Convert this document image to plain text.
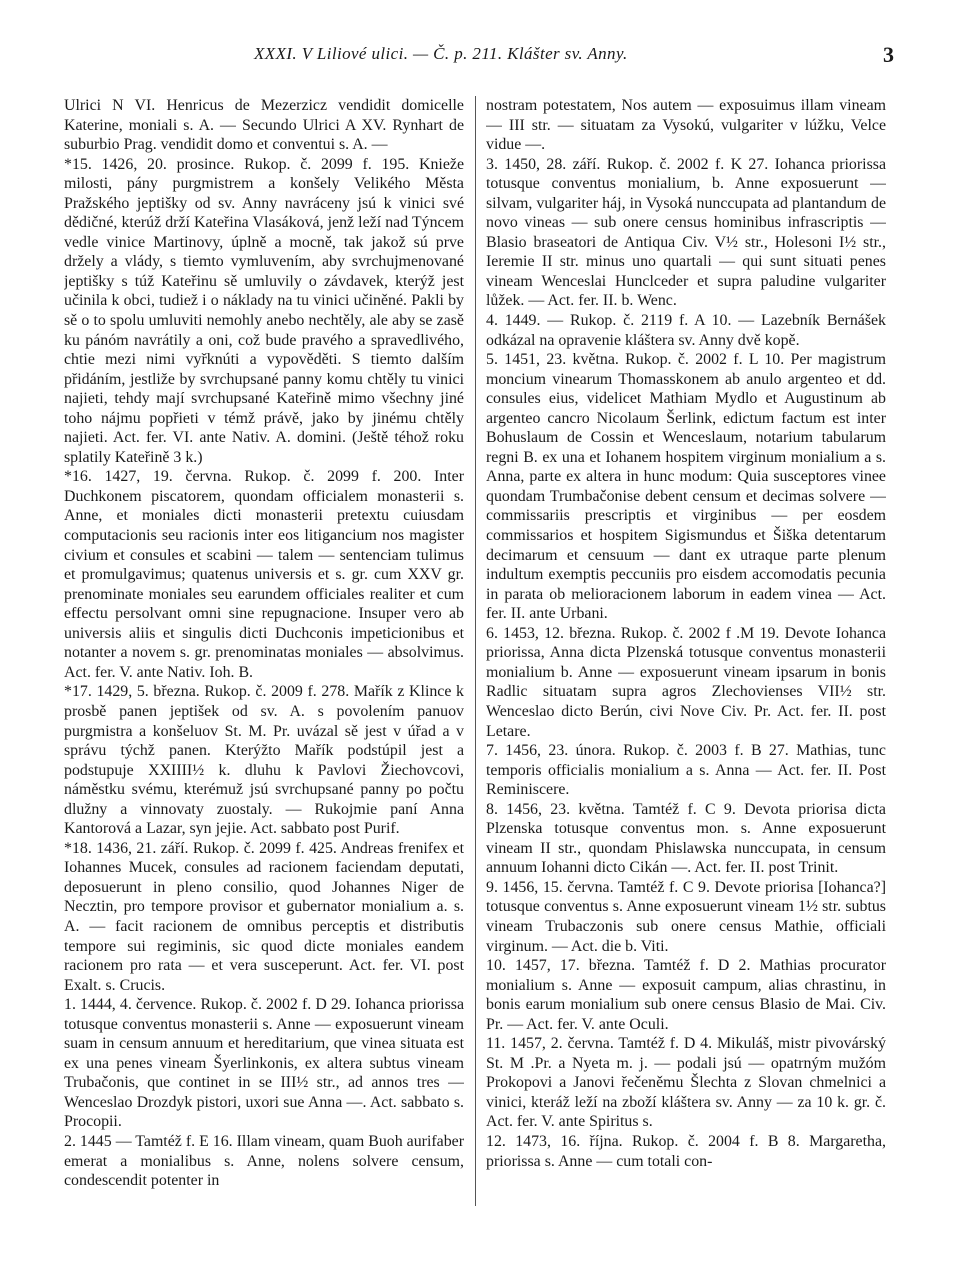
XXXI. V Liliové ulici. — Č. p. 211. Klášter sv. Anny.	3

Ulrici N VI. Henricus de Mezerzicz vendidit domicelle Katerine, moniali s. A. — Secundo Ulrici A XV. Rynhart de suburbio Prag. vendidit domo et conventui s. A. —

*15. 1426, 20. prosince. Rukop. č. 2099 f. 195. Knieže milosti, pány purgmistrem a konšely Velikého Města Pražského jeptišky od sv. Anny navráceny jsú k vinici své dědičné, kterúž drží Kateřina Vlasáková, jenž leží nad Týncem vedle vinice Martinovy, úplně a mocně, tak jakož sú prve držely a vlády, s tiemto vymluvením, aby svrchujmenované jeptišky s túž Kateřinu sě umluvily o závdavek, kterýž jest učinila k obci, tudiež i o náklady na tu vinici učiněné. Pakli by sě o to spolu umluviti nemohly anebo nechtěly, ale aby se zasě ku pánóm navrátily a oni, což bude pravého a spravedlivého, chtie mezi nimi vyřknúti a vypověděti. S tiemto dalším přidáním, jestliže by svrchupsané panny komu chtěly tu vinici najieti, tehdy mají svrchupsané Kateřině mimo všechny jiné toho nájmu popřieti v témž právě, jako by jinému chtěly najieti. Act. fer. VI. ante Nativ. A. domini. (Ještě téhož roku splatily Kateřině 3 k.)

*16. 1427, 19. června. Rukop. č. 2099 f. 200. Inter Duchkonem piscatorem, quondam officialem monasterii s. Anne, et moniales dicti monasterii pretextu cuiusdam computacionis seu racionis inter eos litigancium nos magister civium et consules et scabini — talem — sentenciam tulimus et promulgavimus; quatenus universis et s. gr. cum XXV gr. prenominate moniales seu earundem officiales realiter et cum effectu persolvant omni sine repugnacione. Insuper vero ab universis aliis et singulis dicti Duchconis impeticionibus et notanter a novem s. gr. prenominatas moniales — absolvimus. Act. fer. V. ante Nativ. Ioh. B.

*17. 1429, 5. března. Rukop. č. 2009 f. 278. Mařík z Klince k prosbě panen jeptišek od sv. A. s povolením panuov purgmistra a konšeluov St. M. Pr. uvázal sě jest v úřad a v správu týchž panen. Kterýžto Mařík podstúpil jest a podstupuje XXIIII½ k. dluhu k Pavlovi Žiechovcovi, náměstku svému, kterémuž jsú svrchupsané panny po počtu dlužny a vinnovaty zuostaly. — Rukojmie paní Anna Kantorová a Lazar, syn jejie. Act. sabbato post Purif.

*18. 1436, 21. září. Rukop. č. 2099 f. 425. Andreas frenifex et Iohannes Mucek, consules ad racionem faciendam deputati, deposuerunt in pleno consilio, quod Johannes Niger de Necztin, pro tempore provisor et gubernator monialium a. s. A. — facit racionem de omnibus perceptis et distributis tempore sui regiminis, sic quod dicte moniales eandem racionem pro rata — et vera susceperunt. Act. fer. VI. post Exalt. s. Crucis.

1. 1444, 4. července. Rukop. č. 2002 f. D 29. Iohanca priorissa totusque conventus monasterii s. Anne — exposuerunt vineam suam in censum annuum et hereditarium, que vinea situata est ex una penes vineam Šyerlinkonis, ex altera subtus vineam Trubačonis, que continet in se III½ str., ad annos tres — Wenceslao Drozdyk pistori, uxori sue Anna —. Act. sabbato s. Procopii.

2. 1445 — Tamtéž f. E 16. Illam vineam, quam Buoh aurifaber emerat a monialibus s. Anne, nolens solvere censum, condescendit potenter in

nostram potestatem, Nos autem — exposuimus illam vineam — III str. — situatam za Vysokú, vulgariter v lúžku, Velce vidue —.

3. 1450, 28. září. Rukop. č. 2002 f. K 27. Iohanca priorissa totusque conventus monialium, b. Anne exposuerunt — silvam, vulgariter háj, in Vysoká nunccupata ad plantandum de novo vineas — sub onere census hominibus infrascriptis — Blasio braseatori de Antiqua Civ. V½ str., Holesoni I½ str., Ieremie II str. minus uno quartali — qui sunt situati penes vineam Wenceslai Hunclceder et supra paludine vulgariter lůžek. — Act. fer. II. b. Wenc.

4. 1449. — Rukop. č. 2119 f. A 10. — Lazebník Bernášek odkázal na opravenie kláštera sv. Anny dvě kopě.

5. 1451, 23. května. Rukop. č. 2002 f. L 10. Per magistrum moncium vinearum Thomasskonem ab anulo argenteo et dd. consules eius, videlicet Mathiam Mydlo et Augustinum ab argenteo cancro Nicolaum Šerlink, edictum factum est inter Bohuslaum de Cossin et Wenceslaum, notarium tabularum regni B. ex una et Iohanem hospitem virginum monialium a s. Anna, parte ex altera in hunc modum: Quia susceptores vinee quondam Trumbačonise debent censum et decimas solvere — commissariis prescriptis et virginibus — per eosdem commissarios et hospitem Sigismundus et Šiška detentarum decimarum et censuum — dant ex utraque parte plenum indultum exemptis peccuniis pro eisdem accomodatis pecunia in parata ob melioracionem laborum in eadem vinea — Act. fer. II. ante Urbani.

6. 1453, 12. března. Rukop. č. 2002 f .M 19. Devote Iohanca priorissa, Anna dicta Plzenská totusque conventus monasterii monialium b. Anne — exposuerunt vineam ipsarum in bonis Radlic situatam supra agros Zlechovienses VII½ str. Wenceslao dicto Berún, civi Nove Civ. Pr. Act. fer. II. post Letare.

7. 1456, 23. února. Rukop. č. 2003 f. B 27. Mathias, tunc temporis officialis monialium a s. Anna — Act. fer. II. Post Reminiscere.

8. 1456, 23. května. Tamtéž f. C 9. Devota priorisa dicta Plzenska totusque conventus mon. s. Anne exposuerunt vineam II str., quondam Phislawska nunccupata, in censum annuum Iohanni dicto Cikán —. Act. fer. II. post Trinit.

9. 1456, 15. června. Tamtéž f. C 9. Devote priorisa [Iohanca?] totusque conventus s. Anne exposuerunt vineam 1½ str. subtus vineam Trubaczonis sub onere census Mathie, officiali virginum. — Act. die b. Viti.

10. 1457, 17. března. Tamtéž f. D 2. Mathias procurator monialium s. Anne — exposuit campum, alias chrastinu, in bonis earum monialium sub onere census Blasio de Mai. Civ. Pr. — Act. fer. V. ante Oculi.

11. 1457, 2. června. Tamtéž f. D 4. Mikuláš, mistr pivovárský St. M .Pr. a Nyeta m. j. — podali jsú — opatrným mužóm Prokopovi a Janovi řečeněmu Šlechta z Slovan chmelnici a vinici, kteráž leží na zboží kláštera sv. Anny — za 10 k. gr. č. Act. fer. V. ante Spiritus s.

12. 1473, 16. října. Rukop. č. 2004 f. B 8. Margaretha, priorissa s. Anne — cum totali con-
